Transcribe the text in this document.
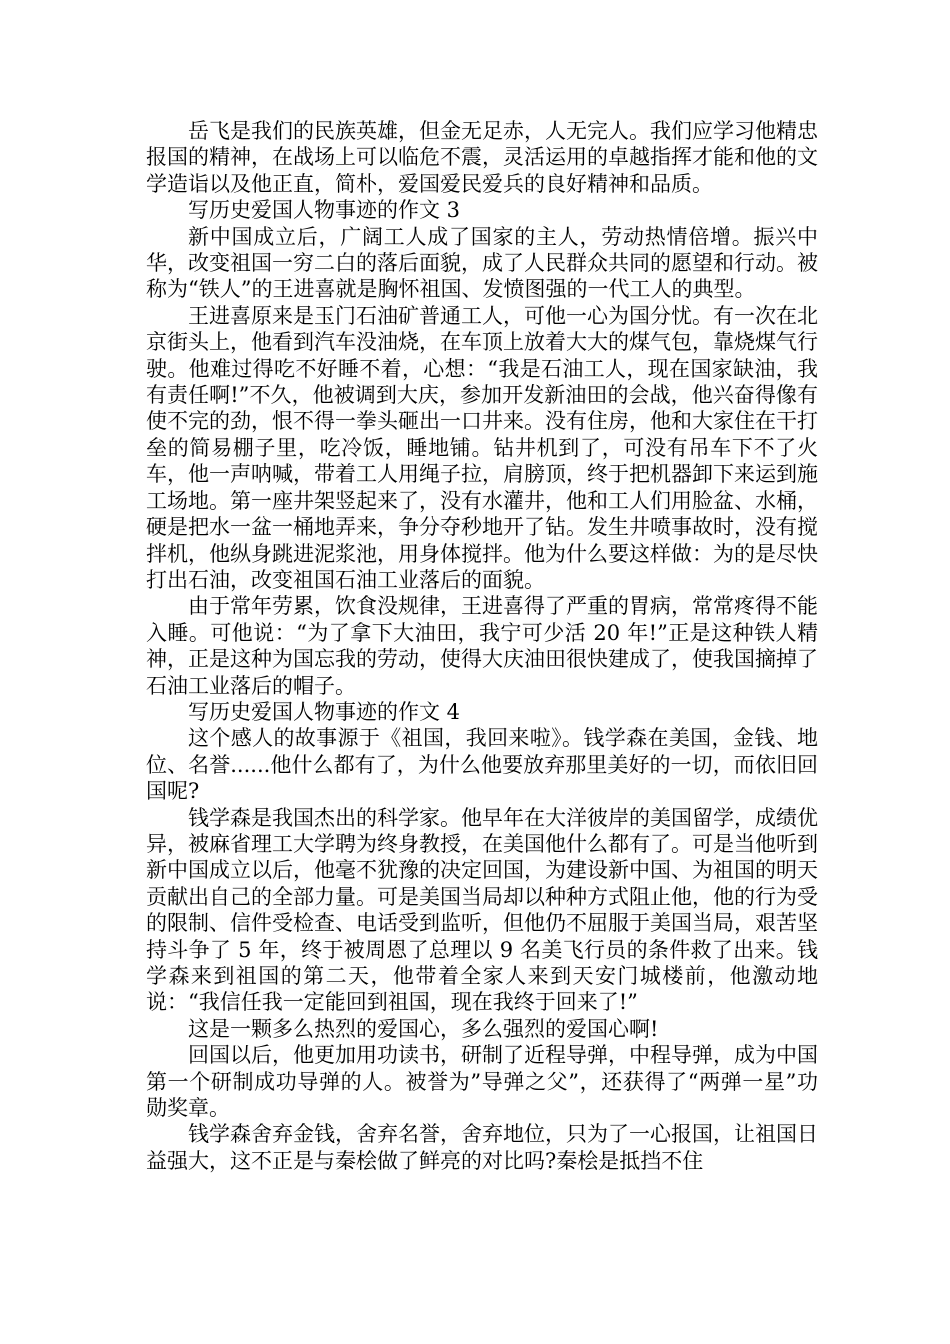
岳飞是我们的民族英雄，但金无足赤，人无完人。我们应学习他精忠报国的精神，在战场上可以临危不震，灵活运用的卓越指挥才能和他的文学造诣以及他正直，简朴，爱国爱民爱兵的良好精神和品质。

写历史爱国人物事迹的作文 3

新中国成立后，广阔工人成了国家的主人，劳动热情倍增。振兴中华，改变祖国一穷二白的落后面貌，成了人民群众共同的愿望和行动。被称为“铁人”的王进喜就是胸怀祖国、发愤图强的一代工人的典型。

王进喜原来是玉门石油矿普通工人，可他一心为国分忧。有一次在北京街头上，他看到汽车没油烧，在车顶上放着大大的煤气包，靠烧煤气行驶。他难过得吃不好睡不着，心想：“我是石油工人，现在国家缺油，我有责任啊!”不久，他被调到大庆，参加开发新油田的会战，他兴奋得像有使不完的劲，恨不得一拳头砸出一口井来。没有住房，他和大家住在干打垒的简易棚子里，吃冷饭，睡地铺。钻井机到了，可没有吊车下不了火车，他一声呐喊，带着工人用绳子拉，肩膀顶，终于把机器卸下来运到施工场地。第一座井架竖起来了，没有水灌井，他和工人们用脸盆、水桶，硬是把水一盆一桶地弄来，争分夺秒地开了钻。发生井喷事故时，没有搅拌机，他纵身跳进泥浆池，用身体搅拌。他为什么要这样做：为的是尽快打出石油，改变祖国石油工业落后的面貌。

由于常年劳累，饮食没规律，王进喜得了严重的胃病，常常疼得不能入睡。可他说：“为了拿下大油田，我宁可少活 20 年!”正是这种铁人精神，正是这种为国忘我的劳动，使得大庆油田很快建成了，使我国摘掉了石油工业落后的帽子。

写历史爱国人物事迹的作文 4

这个感人的故事源于《祖国，我回来啦》。钱学森在美国，金钱、地位、名誉......他什么都有了，为什么他要放弃那里美好的一切，而依旧回国呢?

钱学森是我国杰出的科学家。他早年在大洋彼岸的美国留学，成绩优异，被麻省理工大学聘为终身教授，在美国他什么都有了。可是当他听到新中国成立以后，他毫不犹豫的决定回国，为建设新中国、为祖国的明天贡献出自己的全部力量。可是美国当局却以种种方式阻止他，他的行为受的限制、信件受检查、电话受到监听，但他仍不屈服于美国当局，艰苦坚持斗争了 5 年，终于被周恩了总理以 9 名美飞行员的条件救了出来。钱学森来到祖国的第二天，他带着全家人来到天安门城楼前，他激动地说：“我信任我一定能回到祖国，现在我终于回来了!”

这是一颗多么热烈的爱国心，多么强烈的爱国心啊!

回国以后，他更加用功读书，研制了近程导弹，中程导弹，成为中国第一个研制成功导弹的人。被誉为”导弹之父”，还获得了“两弹一星”功勋奖章。

钱学森舍弃金钱，舍弃名誉，舍弃地位，只为了一心报国，让祖国日益强大，这不正是与秦桧做了鲜亮的对比吗?秦桧是抵挡不住
